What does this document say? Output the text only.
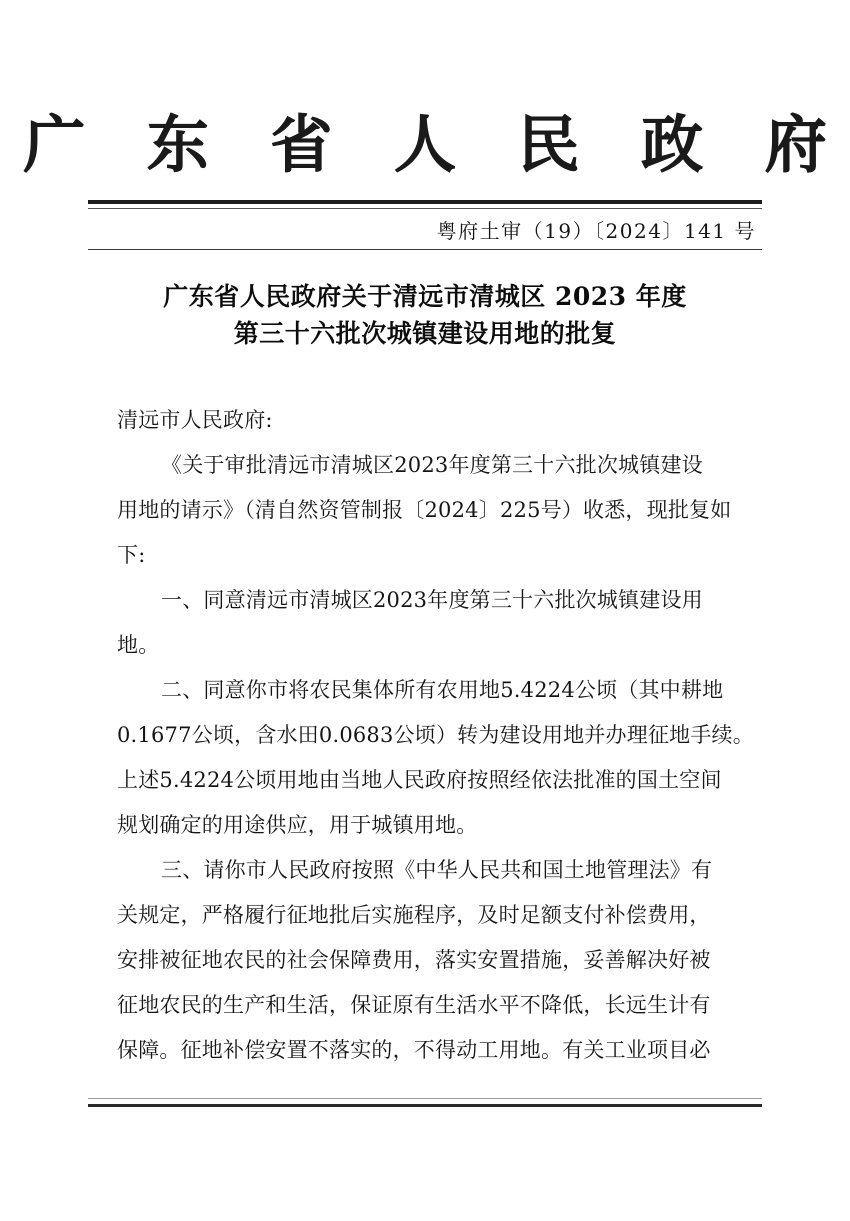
广 东 省 人 民 政 府
粤府土审（19）〔2024〕141 号
广东省人民政府关于清远市清城区 2023 年度
第三十六批次城镇建设用地的批复
清远市人民政府:
《关于审批清远市清城区2023年度第三十六批次城镇建设
用地的请示》（清自然资管制报〔2024〕225号）收悉，现批复如
下:
一、同意清远市清城区2023年度第三十六批次城镇建设用
地。
二、同意你市将农民集体所有农用地5.4224公顷（其中耕地
0.1677公顷，含水田0.0683公顷）转为建设用地并办理征地手续。
上述5.4224公顷用地由当地人民政府按照经依法批准的国土空间
规划确定的用途供应，用于城镇用地。
三、请你市人民政府按照《中华人民共和国土地管理法》有
关规定，严格履行征地批后实施程序，及时足额支付补偿费用，
安排被征地农民的社会保障费用，落实安置措施，妥善解决好被
征地农民的生产和生活，保证原有生活水平不降低，长远生计有
保障。征地补偿安置不落实的，不得动工用地。有关工业项目必
